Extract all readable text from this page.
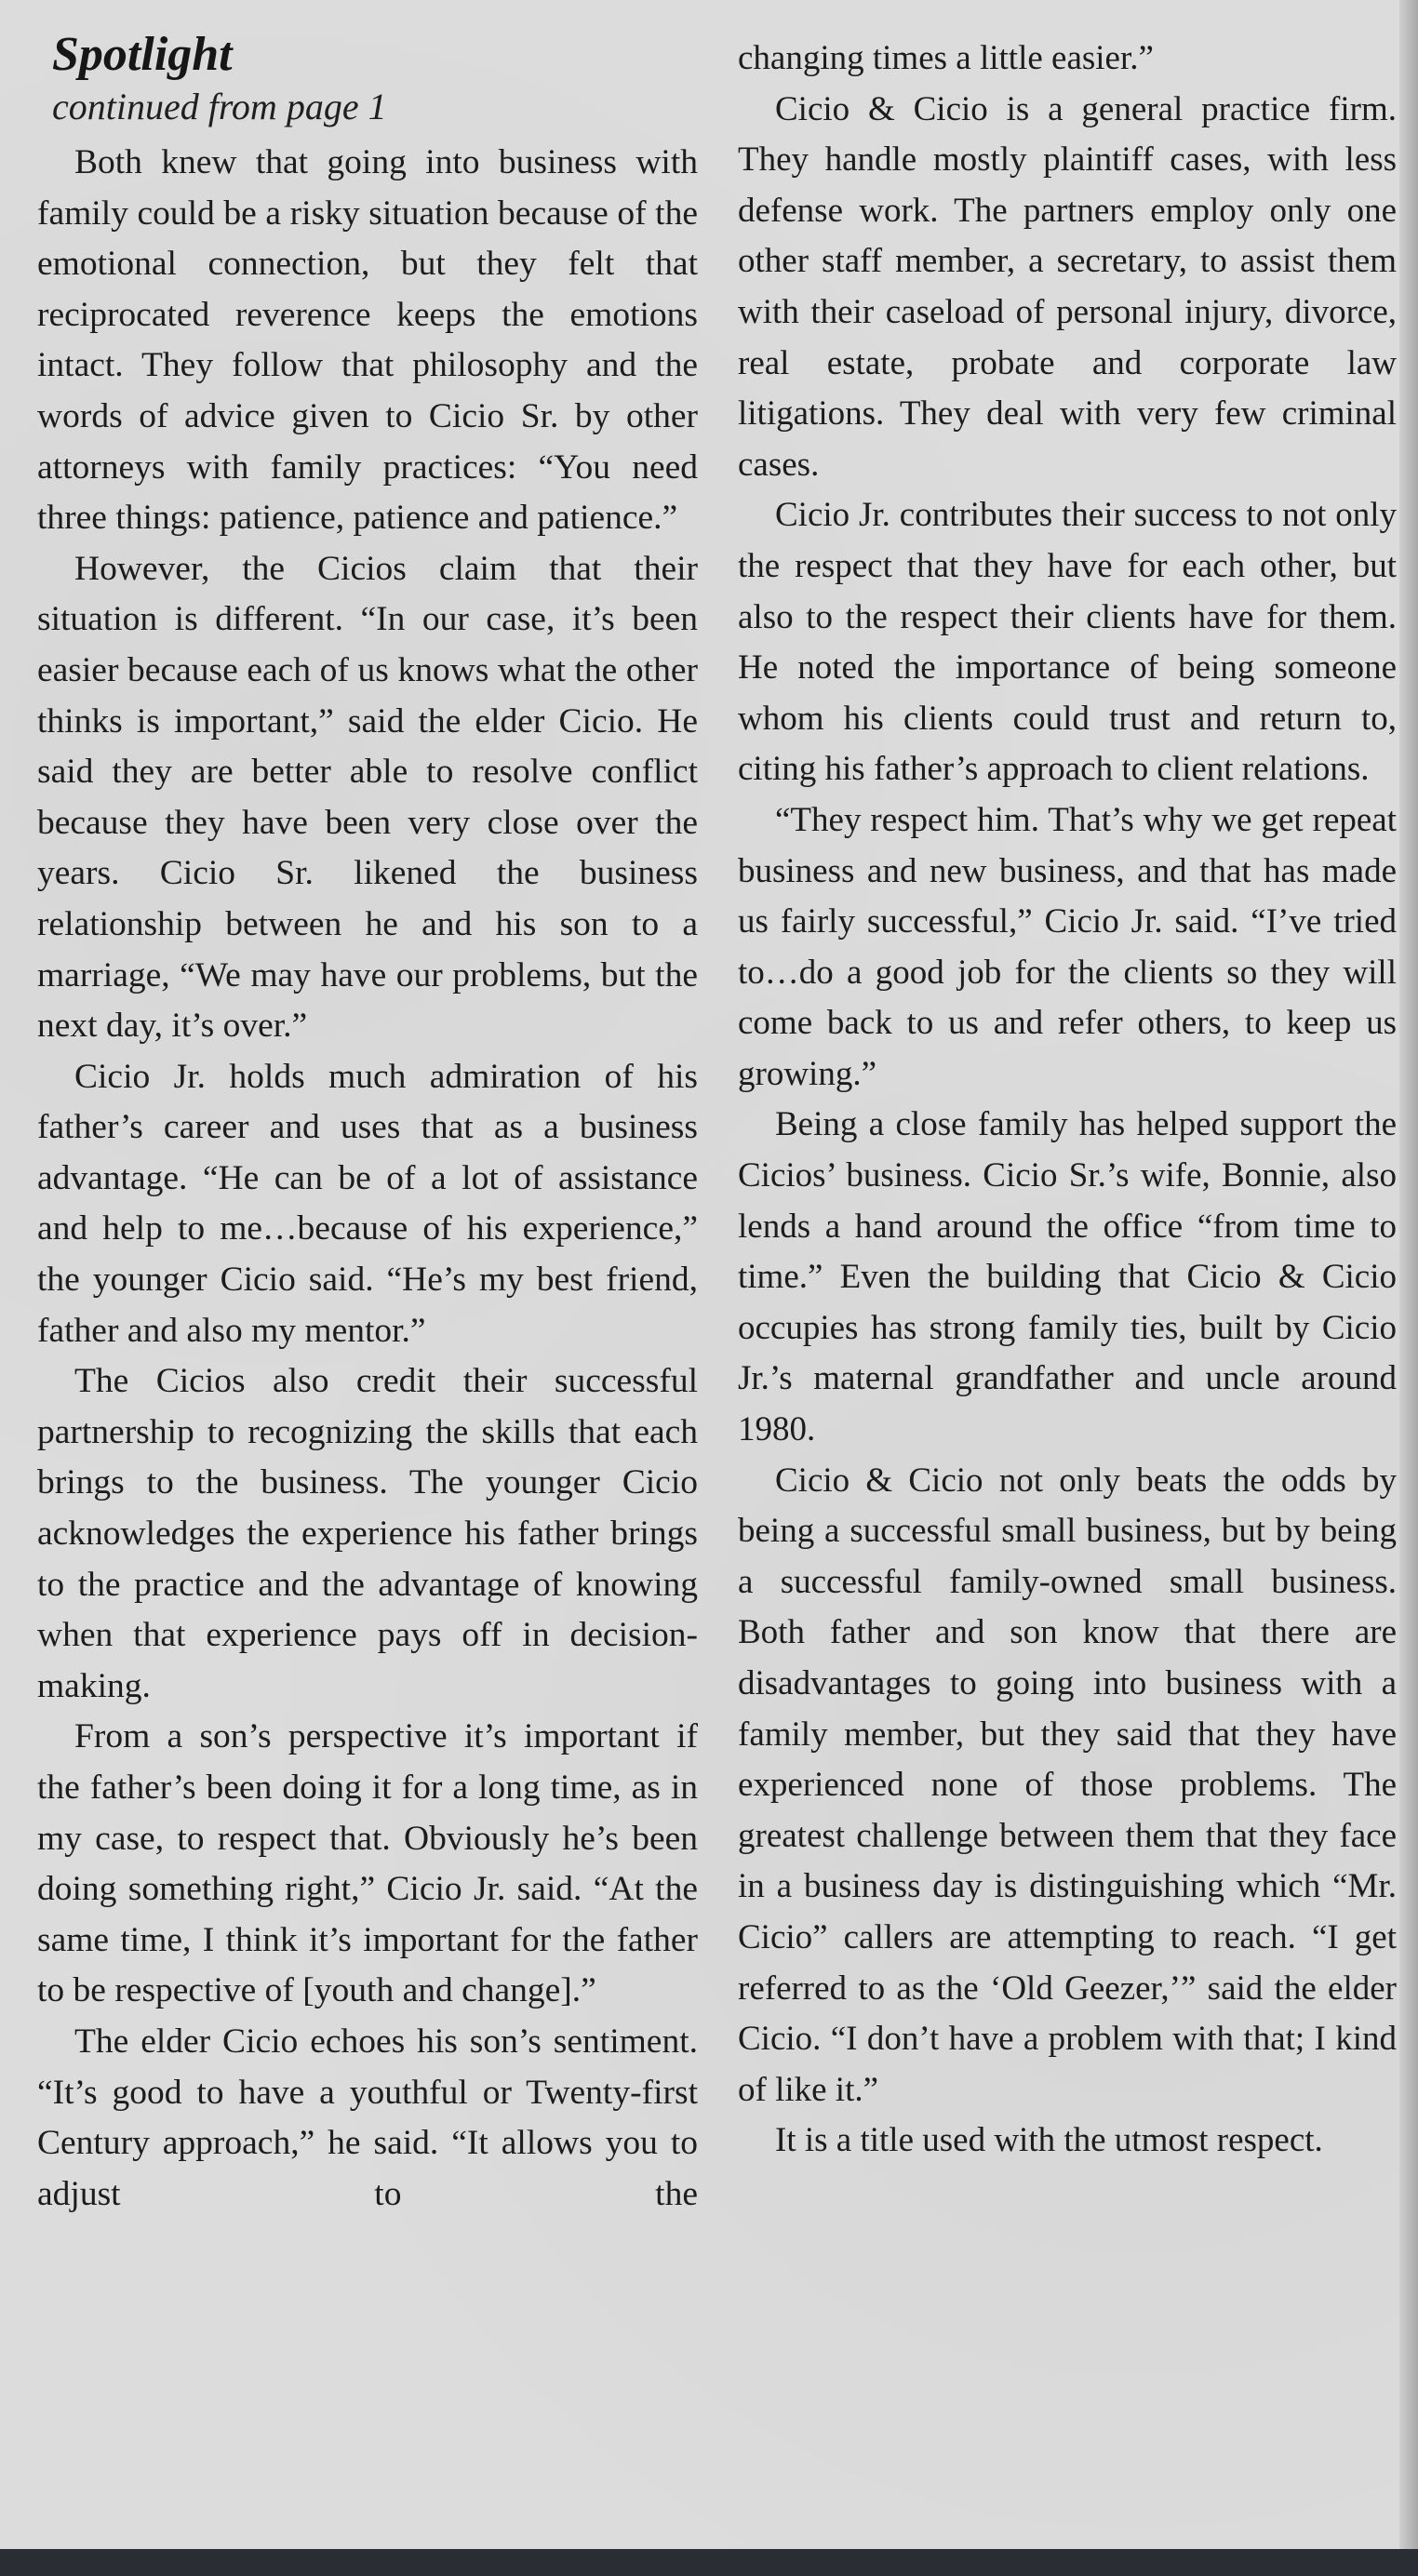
Spotlight
continued from page 1

Both knew that going into business with family could be a risky situation because of the emotional connection, but they felt that reciprocated reverence keeps the emotions intact. They follow that philosophy and the words of advice given to Cicio Sr. by other attorneys with family practices: “You need three things: patience, patience and patience.”

However, the Cicios claim that their situation is different. “In our case, it’s been easier because each of us knows what the other thinks is important,” said the elder Cicio. He said they are better able to resolve conflict because they have been very close over the years. Cicio Sr. likened the business relationship between he and his son to a marriage, “We may have our problems, but the next day, it’s over.”

Cicio Jr. holds much admiration of his father’s career and uses that as a business advantage. “He can be of a lot of assistance and help to me…because of his experience,” the younger Cicio said. “He’s my best friend, father and also my mentor.”

The Cicios also credit their successful partnership to recognizing the skills that each brings to the business. The younger Cicio acknowledges the experience his father brings to the practice and the advantage of knowing when that experience pays off in decision-making.

From a son’s perspective it’s important if the father’s been doing it for a long time, as in my case, to respect that. Obviously he’s been doing something right,” Cicio Jr. said. “At the same time, I think it’s important for the father to be respective of [youth and change].”

The elder Cicio echoes his son’s sentiment. “It’s good to have a youthful or Twenty-first Century approach,” he said. “It allows you to adjust to the

changing times a little easier.”

Cicio & Cicio is a general practice firm. They handle mostly plaintiff cases, with less defense work. The partners employ only one other staff member, a secretary, to assist them with their caseload of personal injury, divorce, real estate, probate and corporate law litigations. They deal with very few criminal cases.

Cicio Jr. contributes their success to not only the respect that they have for each other, but also to the respect their clients have for them. He noted the importance of being someone whom his clients could trust and return to, citing his father’s approach to client relations.

“They respect him. That’s why we get repeat business and new business, and that has made us fairly successful,” Cicio Jr. said. “I’ve tried to…do a good job for the clients so they will come back to us and refer others, to keep us growing.”

Being a close family has helped support the Cicios’ business. Cicio Sr.’s wife, Bonnie, also lends a hand around the office “from time to time.” Even the building that Cicio & Cicio occupies has strong family ties, built by Cicio Jr.’s maternal grandfather and uncle around 1980.

Cicio & Cicio not only beats the odds by being a successful small business, but by being a successful family-owned small business. Both father and son know that there are disadvantages to going into business with a family member, but they said that they have experienced none of those problems. The greatest challenge between them that they face in a business day is distinguishing which “Mr. Cicio” callers are attempting to reach. “I get referred to as the ‘Old Geezer,’” said the elder Cicio. “I don’t have a problem with that; I kind of like it.”

It is a title used with the utmost respect.
